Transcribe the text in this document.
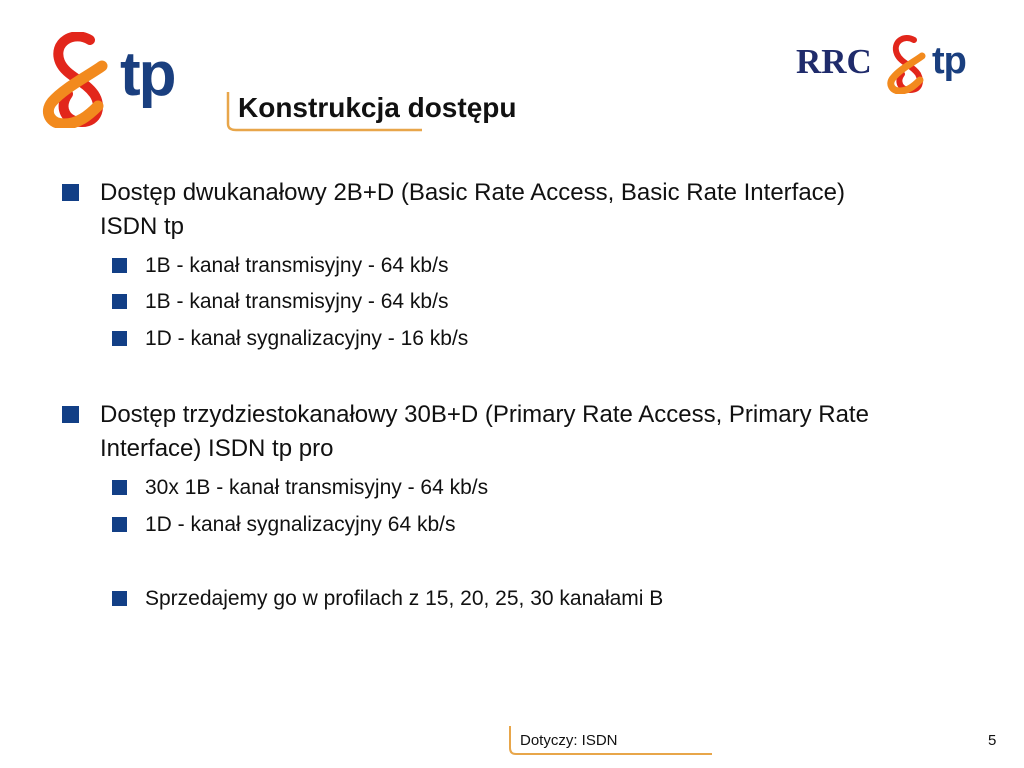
tp	RRC tp
Konstrukcja dostępu
Dostęp dwukanałowy 2B+D (Basic Rate Access, Basic Rate Interface) ISDN tp
1B - kanał transmisyjny - 64 kb/s
1B - kanał transmisyjny - 64 kb/s
1D - kanał sygnalizacyjny - 16 kb/s
Dostęp trzydziestokanałowy 30B+D (Primary Rate Access, Primary Rate Interface) ISDN tp pro
30x 1B - kanał transmisyjny - 64 kb/s
1D - kanał sygnalizacyjny 64 kb/s
Sprzedajemy go w profilach z 15, 20, 25, 30 kanałami B
Dotyczy: ISDN	5
